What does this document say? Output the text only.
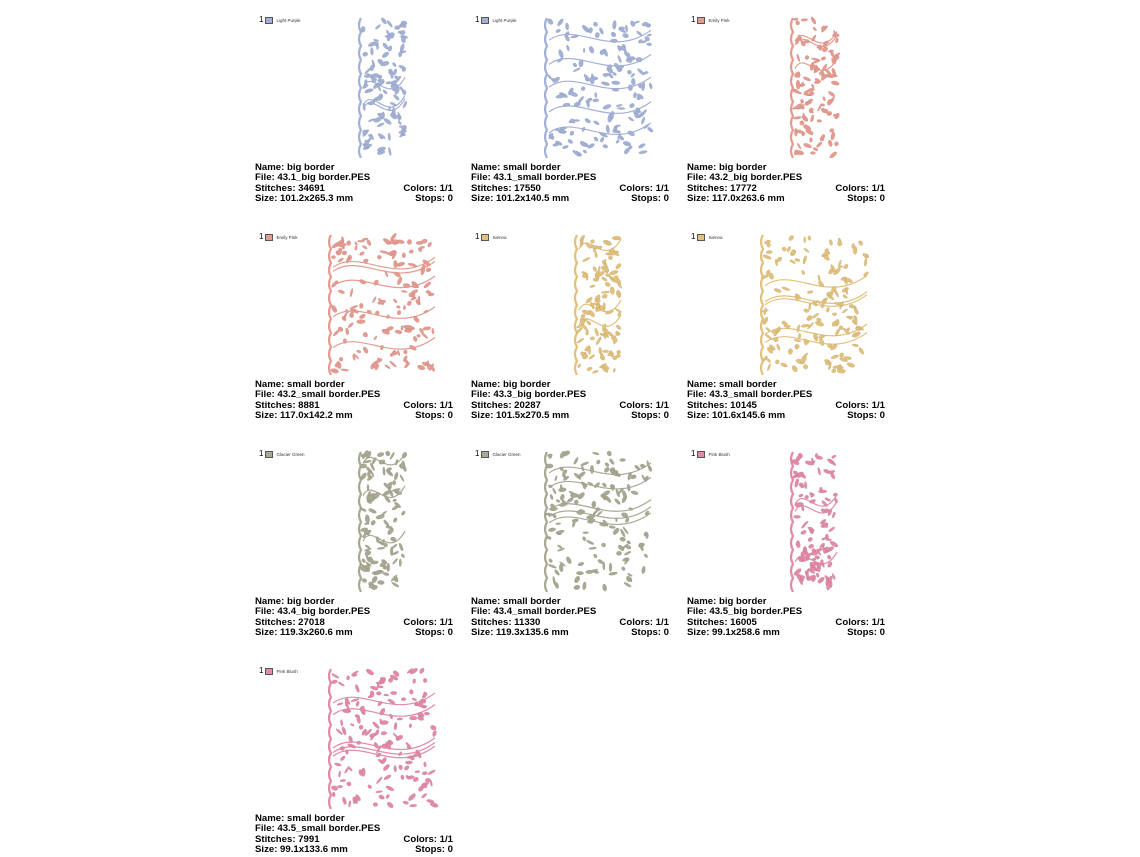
1	Light Purple
Name: big border
File: 43.1_big border.PES
Stitches: 34691	Colors: 1/1
Size: 101.2x265.3 mm	Stops: 0
1	Light Purple
Name: small border
File: 43.1_small border.PES
Stitches: 17550	Colors: 1/1
Size: 101.2x140.5 mm	Stops: 0
1	Emily Pink
Name: big border
File: 43.2_big border.PES
Stitches: 17772	Colors: 1/1
Size: 117.0x263.6 mm	Stops: 0
1	Emily Pink
Name: small border
File: 43.2_small border.PES
Stitches: 8881	Colors: 1/1
Size: 117.0x142.2 mm	Stops: 0
1	Sienna
Name: big border
File: 43.3_big border.PES
Stitches: 20287	Colors: 1/1
Size: 101.5x270.5 mm	Stops: 0
1	Sienna
Name: small border
File: 43.3_small border.PES
Stitches: 10145	Colors: 1/1
Size: 101.6x145.6 mm	Stops: 0
1	Glacier Green
Name: big border
File: 43.4_big border.PES
Stitches: 27018	Colors: 1/1
Size: 119.3x260.6 mm	Stops: 0
1	Glacier Green
Name: small border
File: 43.4_small border.PES
Stitches: 11330	Colors: 1/1
Size: 119.3x135.6 mm	Stops: 0
1	Pink Blush
Name: big border
File: 43.5_big border.PES
Stitches: 16005	Colors: 1/1
Size: 99.1x258.6 mm	Stops: 0
1	Pink Blush
Name: small border
File: 43.5_small border.PES
Stitches: 7991	Colors: 1/1
Size: 99.1x133.6 mm	Stops: 0
